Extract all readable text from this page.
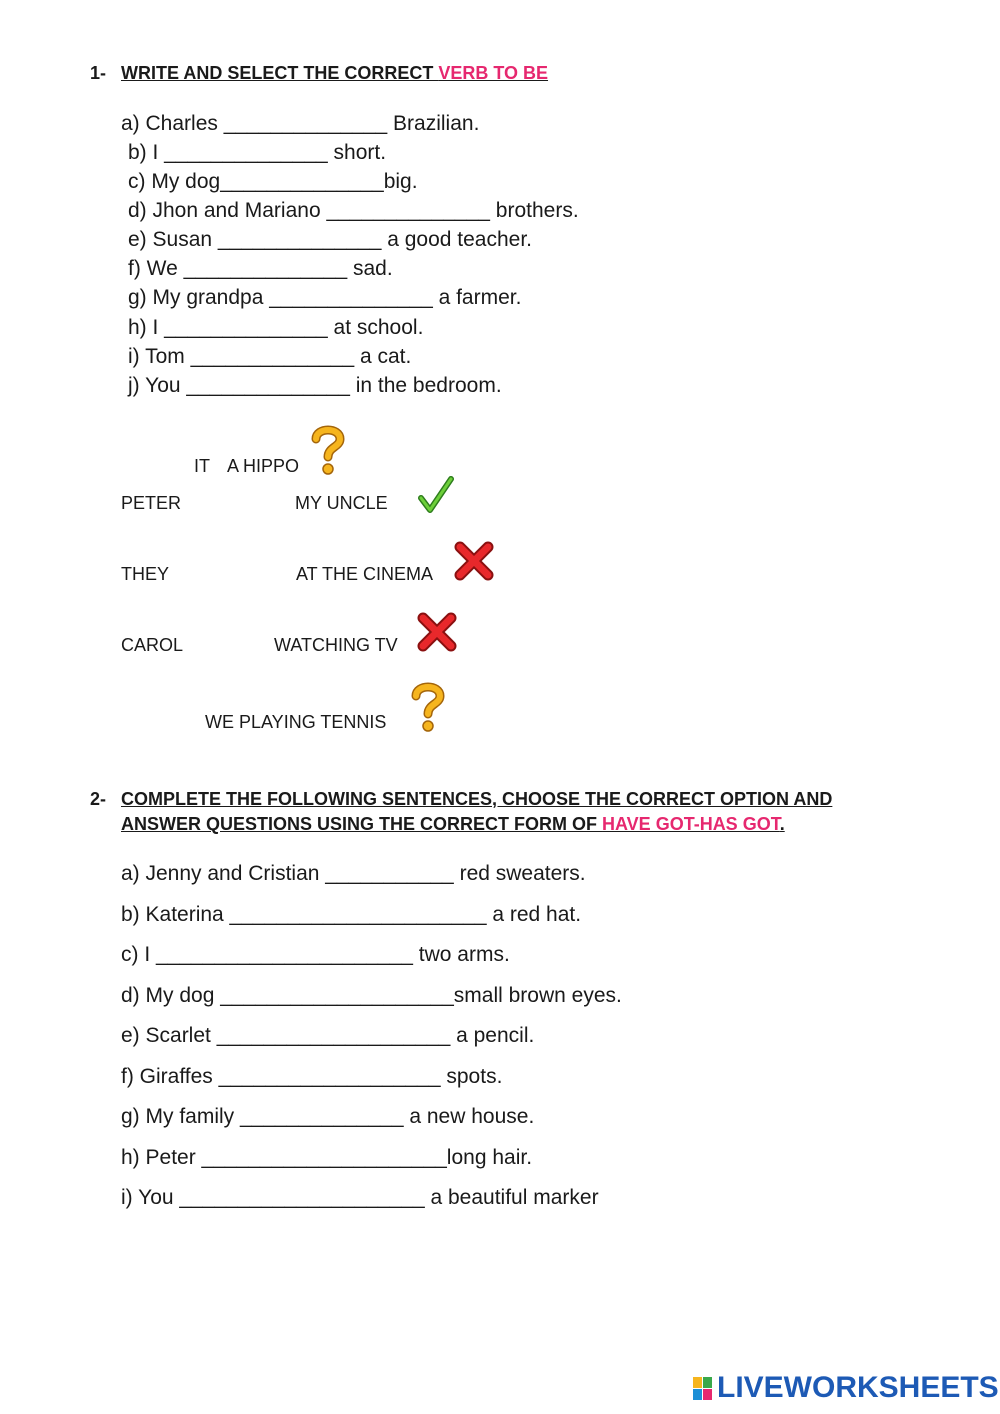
1- WRITE AND SELECT THE CORRECT VERB TO BE
a) Charles ______________ Brazilian.
b) I ______________ short.
c) My dog______________big.
d) Jhon and Mariano ______________ brothers.
e) Susan ______________ a good teacher.
f) We ______________ sad.
g) My grandpa ______________ a farmer.
h) I ______________ at school.
i) Tom ______________ a cat.
j) You ______________ in the bedroom.
IT A HIPPO
PETER	MY UNCLE
THEY	AT THE CINEMA
CAROL	WATCHING TV
WE PLAYING TENNIS
2- COMPLETE THE FOLLOWING SENTENCES, CHOOSE THE CORRECT OPTION AND
ANSWER QUESTIONS USING THE CORRECT FORM OF HAVE GOT-HAS GOT.
a) Jenny and Cristian ___________ red sweaters.
b) Katerina ______________________ a red hat.
c) I ______________________ two arms.
d) My dog ____________________small brown eyes.
e) Scarlet ____________________ a pencil.
f) Giraffes ___________________ spots.
g) My family ______________ a new house.
h) Peter _____________________long hair.
i) You _____________________ a beautiful marker
LIVEWORKSHEETS
